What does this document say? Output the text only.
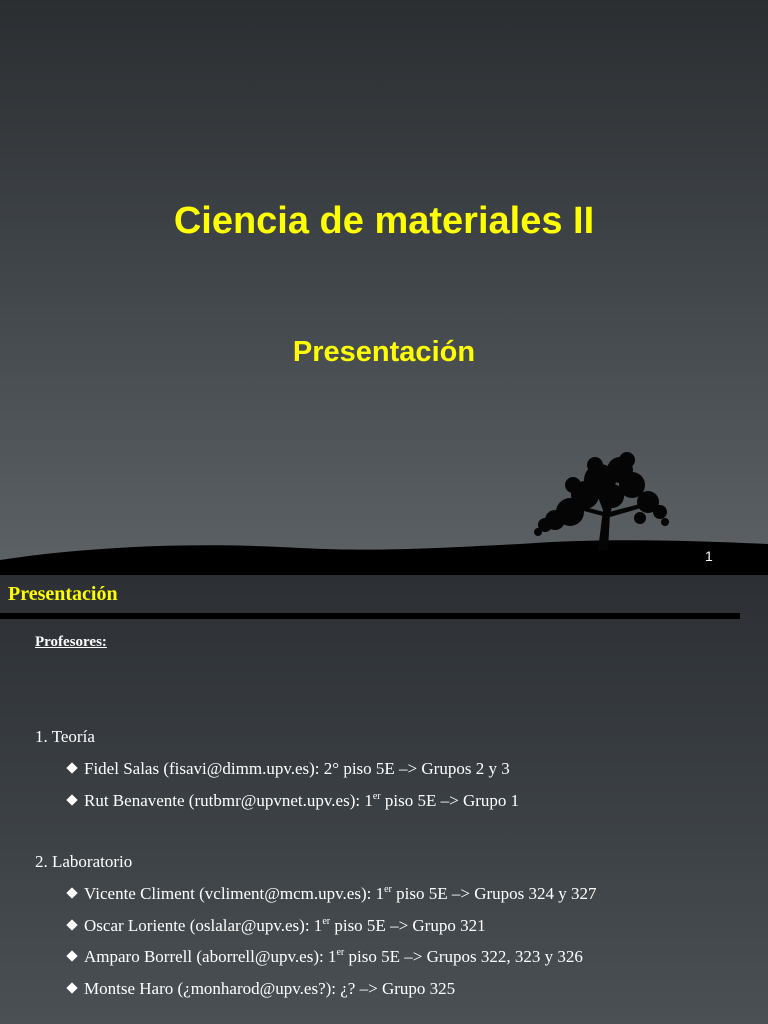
Ciencia de materiales II
Presentación
1
Presentación
Profesores:
1. Teoría
Fidel Salas (fisavi@dimm.upv.es): 2° piso 5E –> Grupos 2 y 3
Rut Benavente (rutbmr@upvnet.upv.es): 1er piso 5E –> Grupo 1
2. Laboratorio
Vicente Climent (vcliment@mcm.upv.es): 1er piso 5E –> Grupos 324 y 327
Oscar Loriente (oslalar@upv.es): 1er piso 5E –> Grupo 321
Amparo Borrell (aborrell@upv.es): 1er piso 5E –> Grupos 322, 323 y 326
Montse Haro (¿monharod@upv.es?): ¿? –> Grupo 325
